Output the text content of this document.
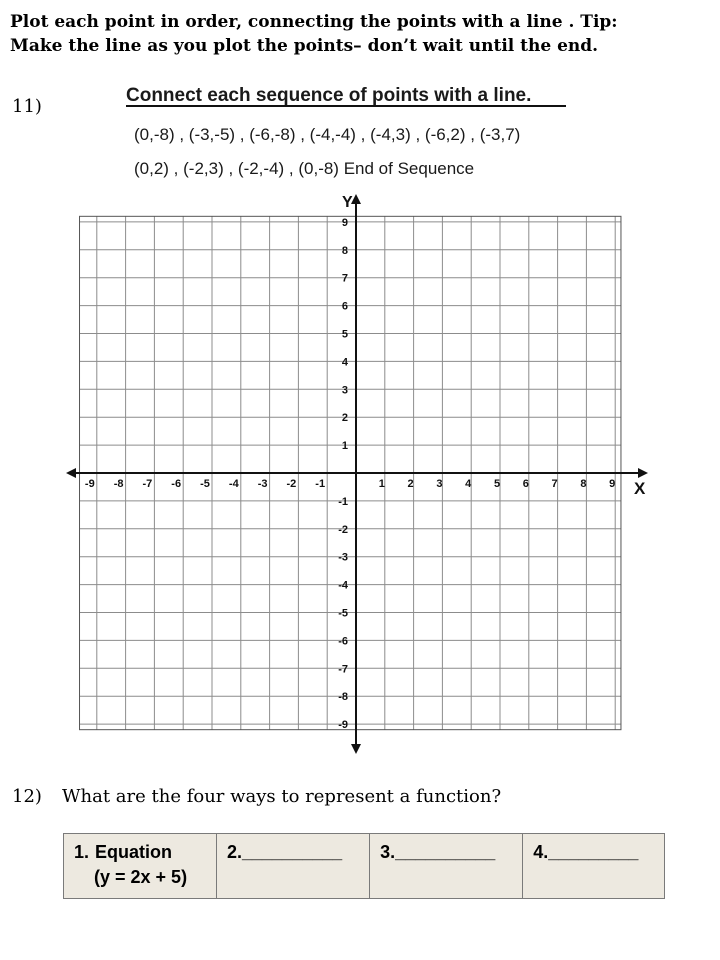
Plot each point in order, connecting the points with a line . Tip:
Make the line as you plot the points– don’t wait until the end.
11)
Connect each sequence of points with a line.
(0,-8) , (-3,-5) , (-6,-8) , (-4,-4) , (-4,3) , (-6,2) , (-3,7)
(0,2) , (-2,3) , (-2,-4) , (0,-8) End of Sequence
X
Y
-9 -8 -7 -6 -5 -4 -3 -2 -1	1 2 3 4 5 6 7 8 9
9
8
7
6
5
4
3
2
1
-1
-2
-3
-4
-5
-6
-7
-8
-9
12) What are the four ways to represent a function?
1. Equation
(y = 2x + 5)
	2.__________	3.__________	4._________
